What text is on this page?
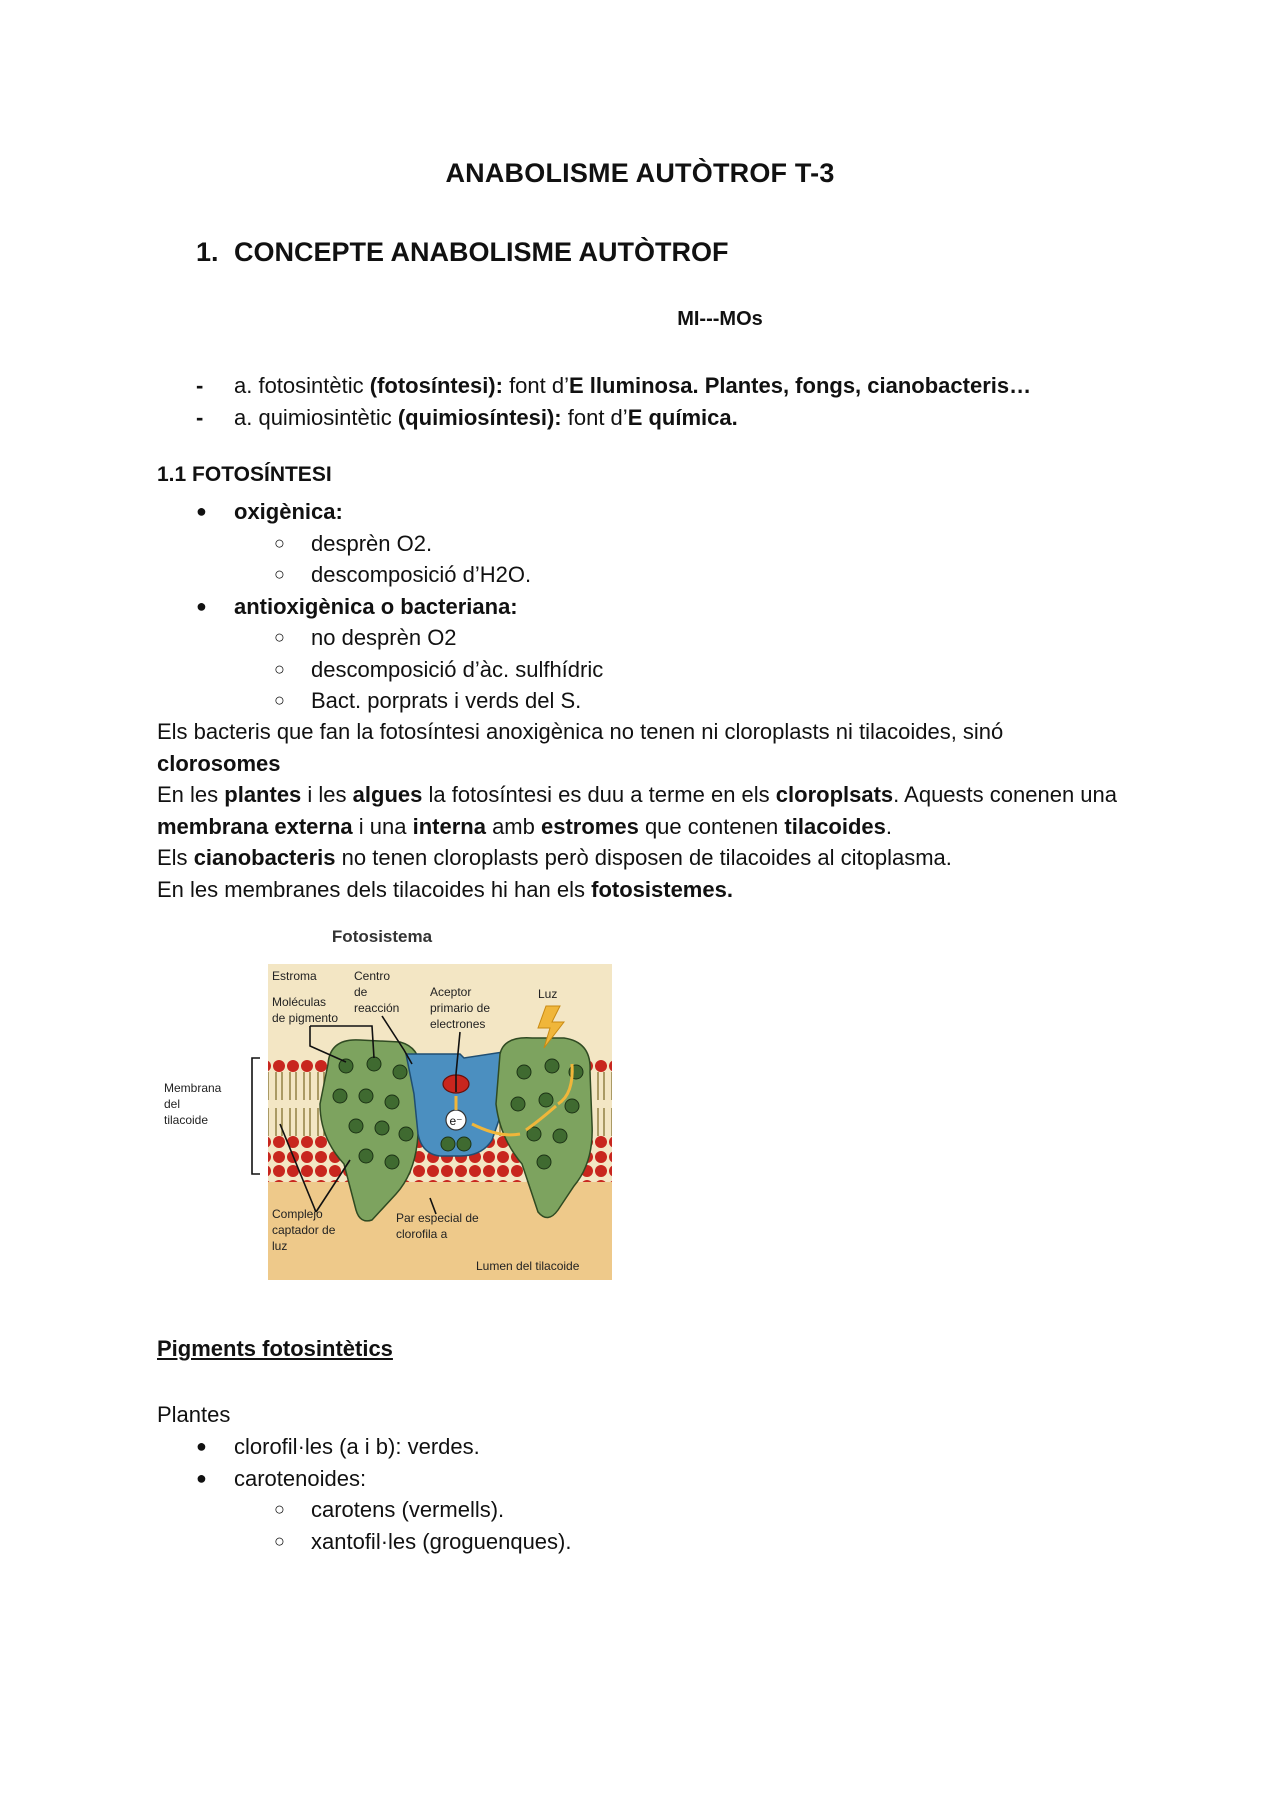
ANABOLISME AUTÒTROF T-3
1. CONCEPTE ANABOLISME AUTÒTROF
MI---MOs
- a. fotosintètic (fotosíntesi): font d’E lluminosa. Plantes, fongs, cianobacteris…
- a. quimiosintètic (quimiosíntesi): font d’E química.
1.1 FOTOSÍNTESI
● oxigènica:
○ desprèn O2.
○ descomposició d’H2O.
● antioxigènica o bacteriana:
○ no desprèn O2
○ descomposició d’àc. sulfhídric
○ Bact. porprats i verds del S.
Els bacteris que fan la fotosíntesi anoxigènica no tenen ni cloroplasts ni tilacoides, sinó clorosomes
En les plantes i les algues la fotosíntesi es duu a terme en els cloroplsats. Aquests conenen una membrana externa i una interna amb estromes que contenen tilacoides.
Els cianobacteris no tenen cloroplasts però disposen de tilacoides al citoplasma.
En les membranes dels tilacoides hi han els fotosistemes.
Fotosistema
e⁻
Estroma	Centro
de
reacción
Moléculas
de pigmento
Aceptor
primario de
electrones
Luz
Membrana
del
tilacoide
Complejo
captador de
luz
Par especial de
clorofila a
Lumen del tilacoide
Pigments fotosintètics
Plantes
● clorofil·les (a i b): verdes.
● carotenoides:
○ carotens (vermells).
○ xantofil·les (groguenques).
